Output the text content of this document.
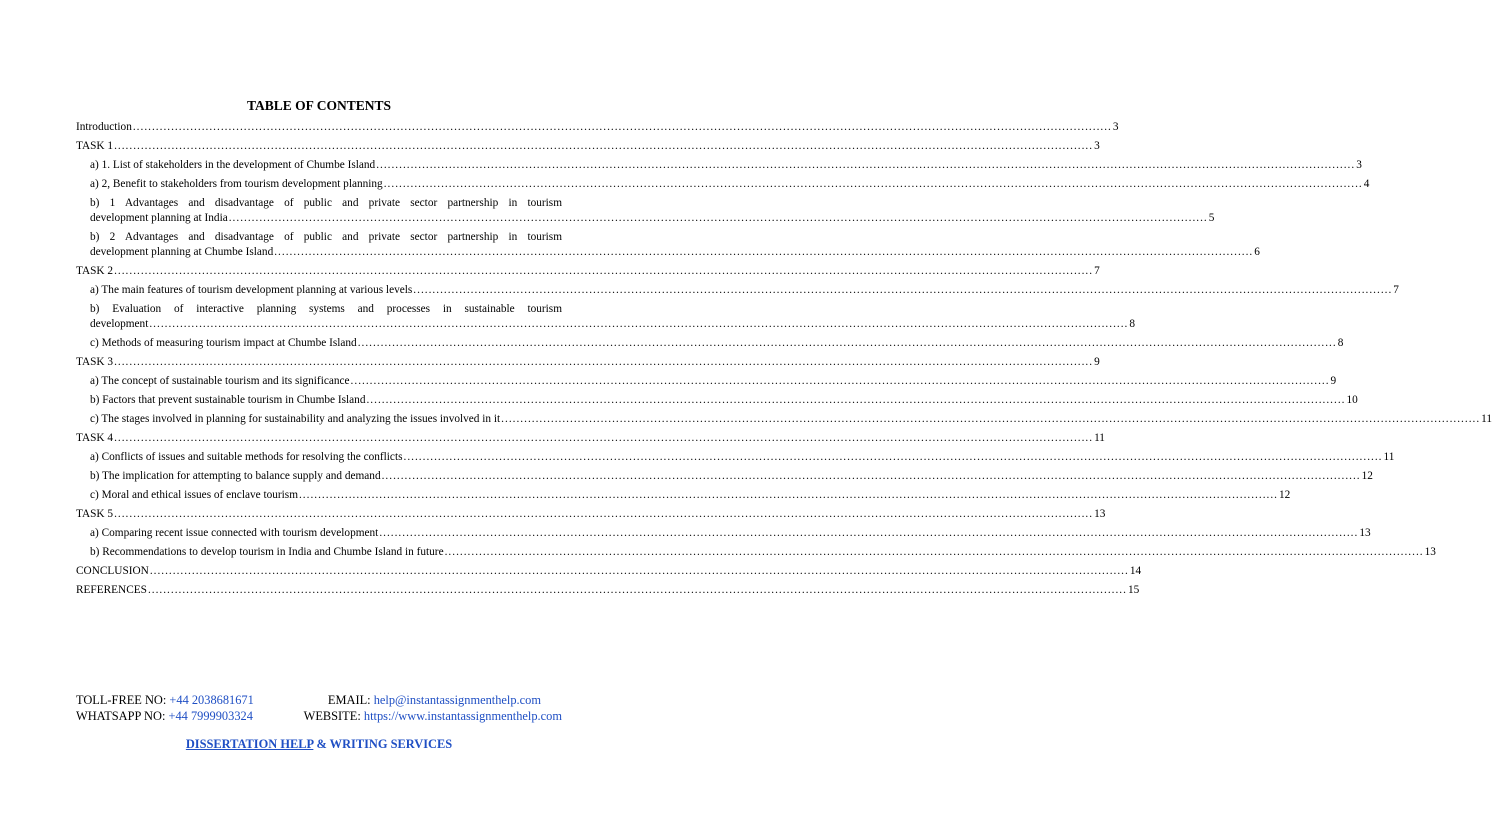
TABLE OF CONTENTS
Introduction .....	3
TASK 1 .....	3
a) 1. List of stakeholders in the development of Chumbe Island .....	3
a) 2, Benefit to stakeholders from tourism development planning .....	4
b) 1 Advantages and disadvantage of public and private sector partnership in tourism
development planning at India .....	5
b) 2 Advantages and disadvantage of public and private sector partnership in tourism
development planning at Chumbe Island .....	6
TASK 2 .....	7
a) The main features of tourism development planning at various levels .....	7
b) Evaluation of interactive planning systems and processes in sustainable tourism
development .....	8
c) Methods of measuring tourism impact at Chumbe Island .....	8
TASK 3 .....	9
a) The concept of sustainable tourism and its significance .....	9
b) Factors that prevent sustainable tourism in Chumbe Island .....	10
c) The stages involved in planning for sustainability and analyzing the issues involved in it .....	11
TASK 4 .....	11
a) Conflicts of issues and suitable methods for resolving the conflicts .....	11
b) The implication for attempting to balance supply and demand .....	12
c) Moral and ethical issues of enclave tourism .....	12
TASK 5 .....	13
a) Comparing recent issue connected with tourism development .....	13
b) Recommendations to develop tourism in India and Chumbe Island in future .....	13
CONCLUSION .....	14
REFERENCES .....	15
TOLL-FREE NO: +44 2038681671	EMAIL: help@instantassignmenthelp.com
WHATSAPP NO: +44 7999903324	WEBSITE: https://www.instantassignmenthelp.com
DISSERTATION HELP & WRITING SERVICES
